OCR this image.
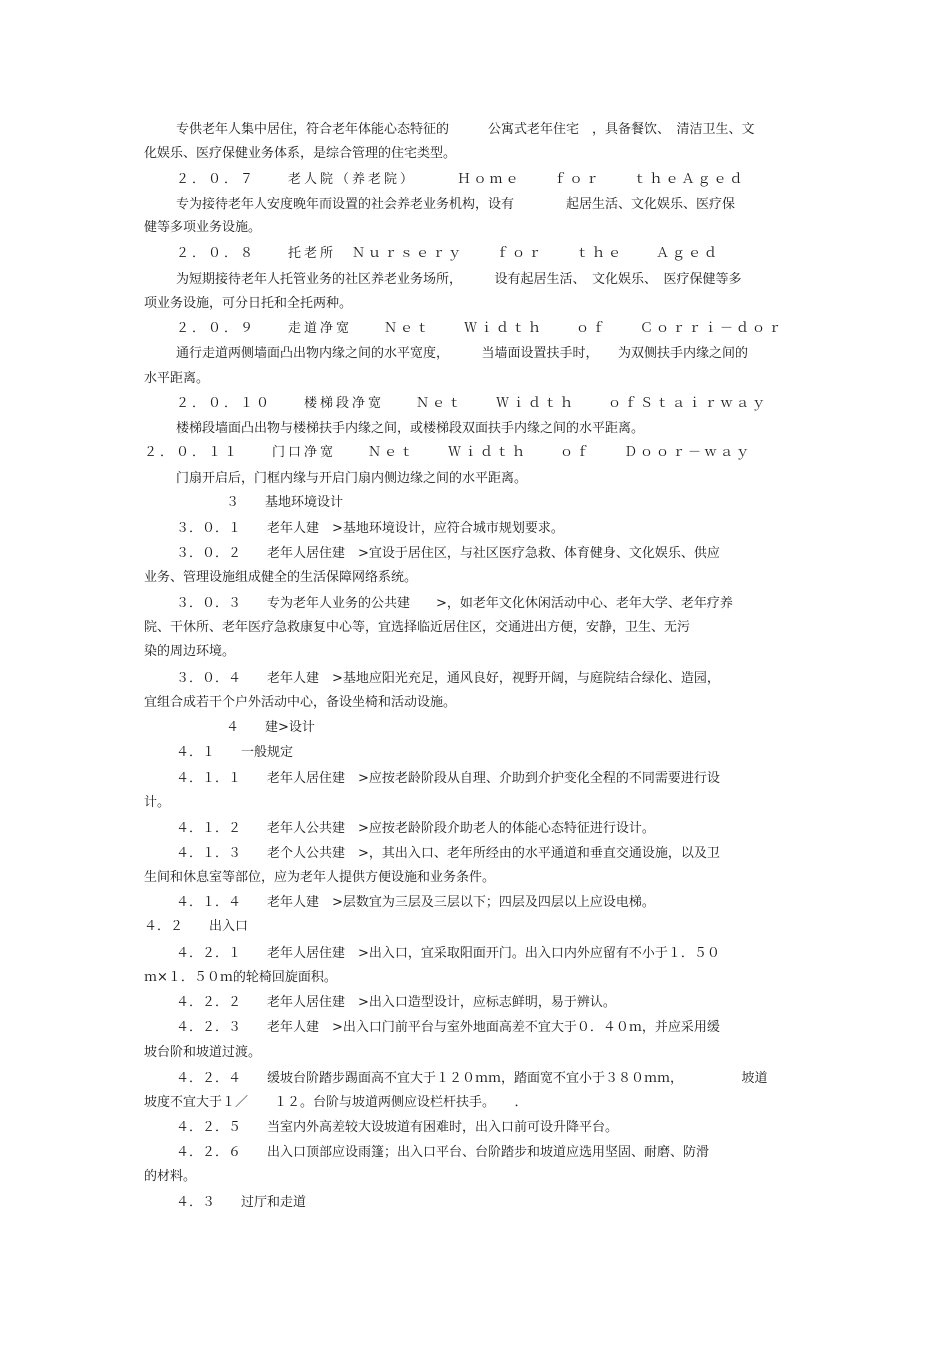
专供老年人集中居住，符合老年体能心态特征的　　　公寓式老年住宅　，具备餐饮、　清洁卫生、文
化娱乐、医疗保健业务体系，是综合管理的住宅类型。
２．０．７　　老人院（养老院）　　　Ｈｏｍｅ　　ｆｏｒ　　ｔｈｅＡｇｅｄ
专为接待老年人安度晚年而设置的社会养老业务机构，设有　　　　起居生活、文化娱乐、医疗保
健等多项业务设施。
２．０．８　　托老所　Ｎｕｒｓｅｒｙ　　ｆｏｒ　　ｔｈｅ　　Ａｇｅｄ
为短期接待老年人托管业务的社区养老业务场所，　　　设有起居生活、　文化娱乐、　医疗保健等多
项业务设施，可分日托和全托两种。
２．０．９　　走道净宽　　Ｎｅｔ　　Ｗｉｄｔｈ　　ｏｆ　　Ｃｏｒｒｉ－ｄｏｒ
通行走道两侧墙面凸出物内缘之间的水平宽度，　　　当墙面设置扶手时，　　为双侧扶手内缘之间的
水平距离。
２．０．１０　　楼梯段净宽　　Ｎｅｔ　　Ｗｉｄｔｈ　　ｏｆＳｔａｉｒｗａｙ
楼梯段墙面凸出物与楼梯扶手内缘之间，或楼梯段双面扶手内缘之间的水平距离。
２．０．１１　　门口净宽　　Ｎｅｔ　　Ｗｉｄｔｈ　　ｏｆ　　Ｄｏｏｒ－ｗａｙ
门扇开启后，门框内缘与开启门扇内侧边缘之间的水平距离。
３　　基地环境设计
３．０．１　　老年人建　>基地环境设计，应符合城市规划要求。
３．０．２　　老年人居住建　>宜设于居住区，与社区医疗急救、体育健身、文化娱乐、供应
业务、管理设施组成健全的生活保障网络系统。
３．０．３　　专为老年人业务的公共建　　>，如老年文化休闲活动中心、老年大学、老年疗养
院、干休所、老年医疗急救康复中心等，宜选择临近居住区，交通进出方便，安静，卫生、无污
染的周边环境。
３．０．４　　老年人建　>基地应阳光充足，通风良好，视野开阔，与庭院结合绿化、造园，
宜组合成若干个户外活动中心，备设坐椅和活动设施。
４　　建>设计
４．１　　一般规定
４．１．１　　老年人居住建　>应按老龄阶段从自理、介助到介护变化全程的不同需要进行设
计。
４．１．２　　老年人公共建　>应按老龄阶段介助老人的体能心态特征进行设计。
４．１．３　　老个人公共建　>，其出入口、老年所经由的水平通道和垂直交通设施，以及卫
生间和休息室等部位，应为老年人提供方便设施和业务条件。
４．１．４　　老年人建　>层数宜为三层及三层以下；四层及四层以上应设电梯。
４．２　　出入口
４．２．１　　老年人居住建　>出入口，宜采取阳面开门。出入口内外应留有不小于１．５０
ｍ×１．５０ｍ的轮椅回旋面积。
４．２．２　　老年人居住建　>出入口造型设计，应标志鲜明，易于辨认。
４．２．３　　老年人建　>出入口门前平台与室外地面高差不宜大于０．４０ｍ，并应采用缓
坡台阶和坡道过渡。
４．２．４　　缓坡台阶踏步踢面高不宜大于１２０ｍｍ，踏面宽不宜小于３８０ｍｍ，　　　　　坡道
坡度不宜大于１／　　１２。台阶与坡道两侧应设栏杆扶手。　　．
４．２．５　　当室内外高差较大设坡道有困难时，出入口前可设升降平台。
４．２．６　　出入口顶部应设雨篷；出入口平台、台阶踏步和坡道应选用坚固、耐磨、防滑
的材料。
４．３　　过厅和走道
